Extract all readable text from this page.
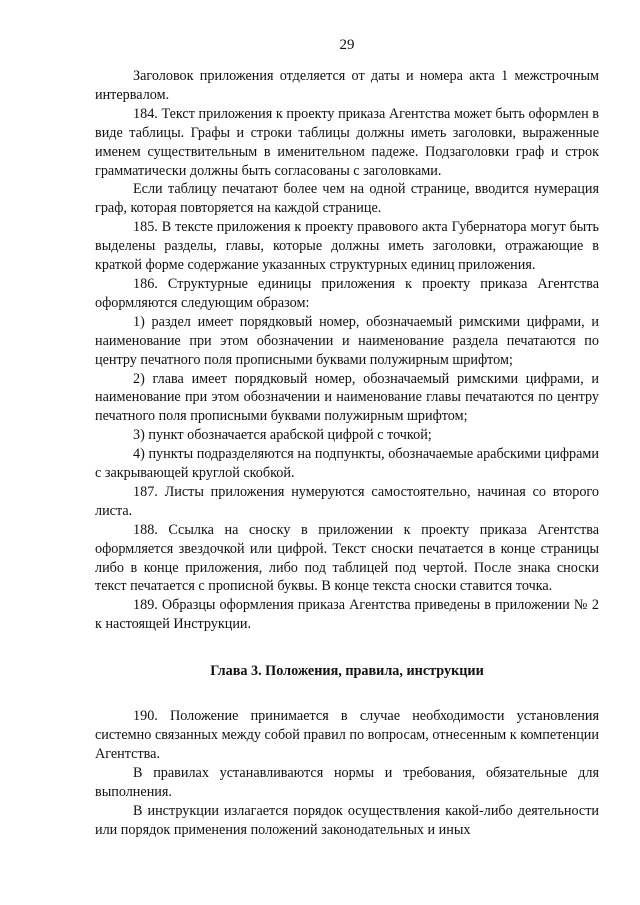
29

Заголовок приложения отделяется от даты и номера акта 1 межстрочным интервалом.

184. Текст приложения к проекту приказа Агентства может быть оформлен в виде таблицы. Графы и строки таблицы должны иметь заголовки, выраженные именем существительным в именительном падеже. Подзаголовки граф и строк грамматически должны быть согласованы с заголовками.

Если таблицу печатают более чем на одной странице, вводится нумерация граф, которая повторяется на каждой странице.

185. В тексте приложения к проекту правового акта Губернатора могут быть выделены разделы, главы, которые должны иметь заголовки, отражающие в краткой форме содержание указанных структурных единиц приложения.

186. Структурные единицы приложения к проекту приказа Агентства оформляются следующим образом:

1) раздел имеет порядковый номер, обозначаемый римскими цифрами, и наименование при этом обозначении и наименование раздела печатаются по центру печатного поля прописными буквами полужирным шрифтом;

2) глава имеет порядковый номер, обозначаемый римскими цифрами, и наименование при этом обозначении и наименование главы печатаются по центру печатного поля прописными буквами полужирным шрифтом;

3) пункт обозначается арабской цифрой с точкой;

4) пункты подразделяются на подпункты, обозначаемые арабскими цифрами с закрывающей круглой скобкой.

187. Листы приложения нумеруются самостоятельно, начиная со второго листа.

188. Ссылка на сноску в приложении к проекту приказа Агентства оформляется звездочкой или цифрой. Текст сноски печатается в конце страницы либо в конце приложения, либо под таблицей под чертой. После знака сноски текст печатается с прописной буквы. В конце текста сноски ставится точка.

189. Образцы оформления приказа Агентства приведены в приложении № 2 к настоящей Инструкции.

Глава 3. Положения, правила, инструкции

190. Положение принимается в случае необходимости установления системно связанных между собой правил по вопросам, отнесенным к компетенции Агентства.

В правилах устанавливаются нормы и требования, обязательные для выполнения.

В инструкции излагается порядок осуществления какой-либо деятельности или порядок применения положений законодательных и иных
